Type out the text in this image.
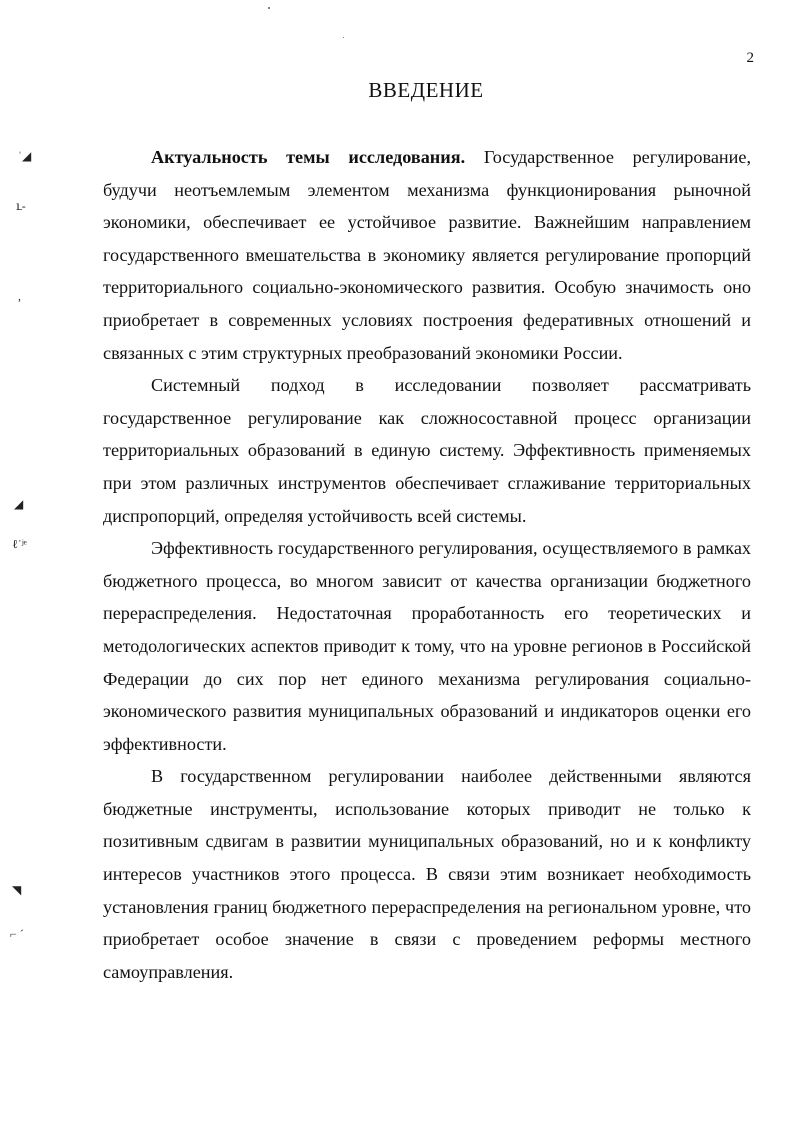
ˈ◢
ւ-
,
◢
ℓ˙ʲᵉ
◥
⌐ ˊ
2
ВВЕДЕНИЕ

Актуальность темы исследования. Государственное регулирование, будучи неотъемлемым элементом механизма функционирования рыночной экономики, обеспечивает ее устойчивое развитие. Важнейшим направлением государственного вмешательства в экономику является регулирование пропорций территориального социально-экономического развития. Особую значимость оно приобретает в современных условиях построения федеративных отношений и связанных с этим структурных преобразований экономики России.

Системный подход в исследовании позволяет рассматривать государственное регулирование как сложносоставной процесс организации территориальных образований в единую систему. Эффективность применяемых при этом различных инструментов обеспечивает сглаживание территориальных диспропорций, определяя устойчивость всей системы.

Эффективность государственного регулирования, осуществляемого в рамках бюджетного процесса, во многом зависит от качества организации бюджетного перераспределения. Недостаточная проработанность его теоретических и методологических аспектов приводит к тому, что на уровне регионов в Российской Федерации до сих пор нет единого механизма регулирования социально-экономического развития муниципальных образований и индикаторов оценки его эффективности.

В государственном регулировании наиболее действенными являются бюджетные инструменты, использование которых приводит не только к позитивным сдвигам в развитии муниципальных образований, но и к конфликту интересов участников этого процесса. В связи этим возникает необходимость установления границ бюджетного перераспределения на региональном уровне, что приобретает особое значение в связи с проведением реформы местного самоуправления.
